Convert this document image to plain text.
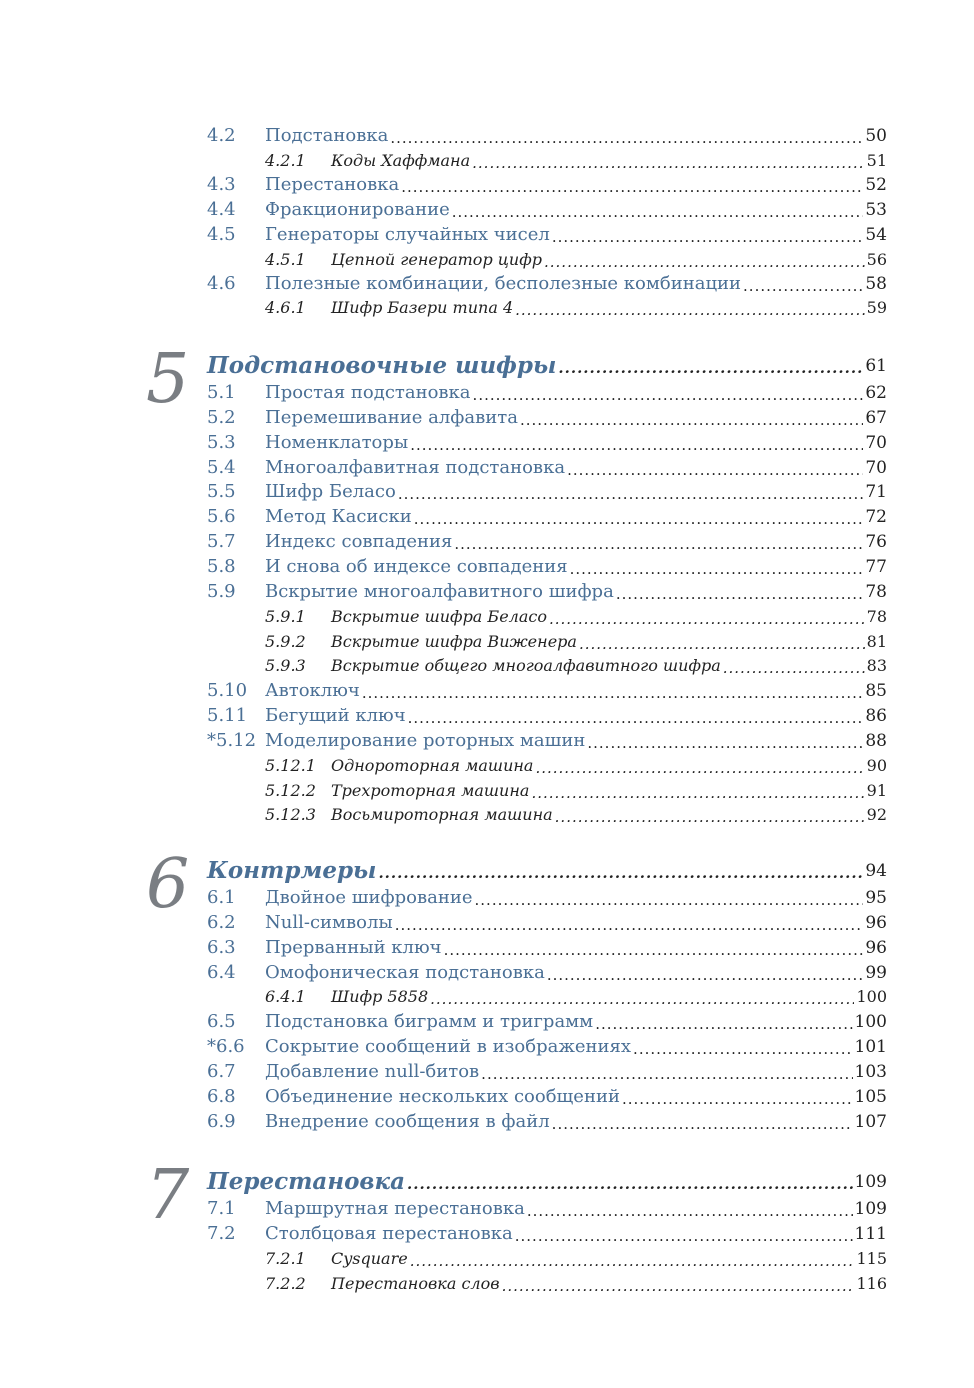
4.2 Подстановка .....	50
4.2.1 Коды Хаффмана .....	51
4.3 Перестановка .....	52
4.4 Фракционирование .....	53
4.5 Генераторы случайных чисел .....	54
4.5.1 Цепной генератор цифр .....	56
4.6 Полезные комбинации, бесполезные комбинации .....	58
4.6.1 Шифр Базери типа 4 .....	59
5 Подстановочные шифры .....	61
5.1 Простая подстановка .....	62
5.2 Перемешивание алфавита .....	67
5.3 Номенклаторы .....	70
5.4 Многоалфавитная подстановка .....	70
5.5 Шифр Беласо .....	71
5.6 Метод Касиски .....	72
5.7 Индекс совпадения .....	76
5.8 И снова об индексе совпадения .....	77
5.9 Вскрытие многоалфавитного шифра .....	78
5.9.1 Вскрытие шифра Беласо .....	78
5.9.2 Вскрытие шифра Виженера .....	81
5.9.3 Вскрытие общего многоалфавитного шифра .....	83
5.10 Автоключ .....	85
5.11 Бегущий ключ .....	86
*5.12 Моделирование роторных машин .....	88
5.12.1 Однороторная машина .....	90
5.12.2 Трехроторная машина .....	91
5.12.3 Восьмироторная машина .....	92
6 Контрмеры .....	94
6.1 Двойное шифрование .....	95
6.2 Null-символы .....	96
6.3 Прерванный ключ .....	96
6.4 Омофоническая подстановка .....	99
6.4.1 Шифр 5858 .....	100
6.5 Подстановка биграмм и триграмм .....	100
*6.6 Сокрытие сообщений в изображениях .....	101
6.7 Добавление null-битов .....	103
6.8 Объединение нескольких сообщений .....	105
6.9 Внедрение сообщения в файл .....	107
7 Перестановка .....	109
7.1 Маршрутная перестановка .....	109
7.2 Столбцовая перестановка .....	111
7.2.1 Cysquare .....	115
7.2.2 Перестановка слов .....	116
